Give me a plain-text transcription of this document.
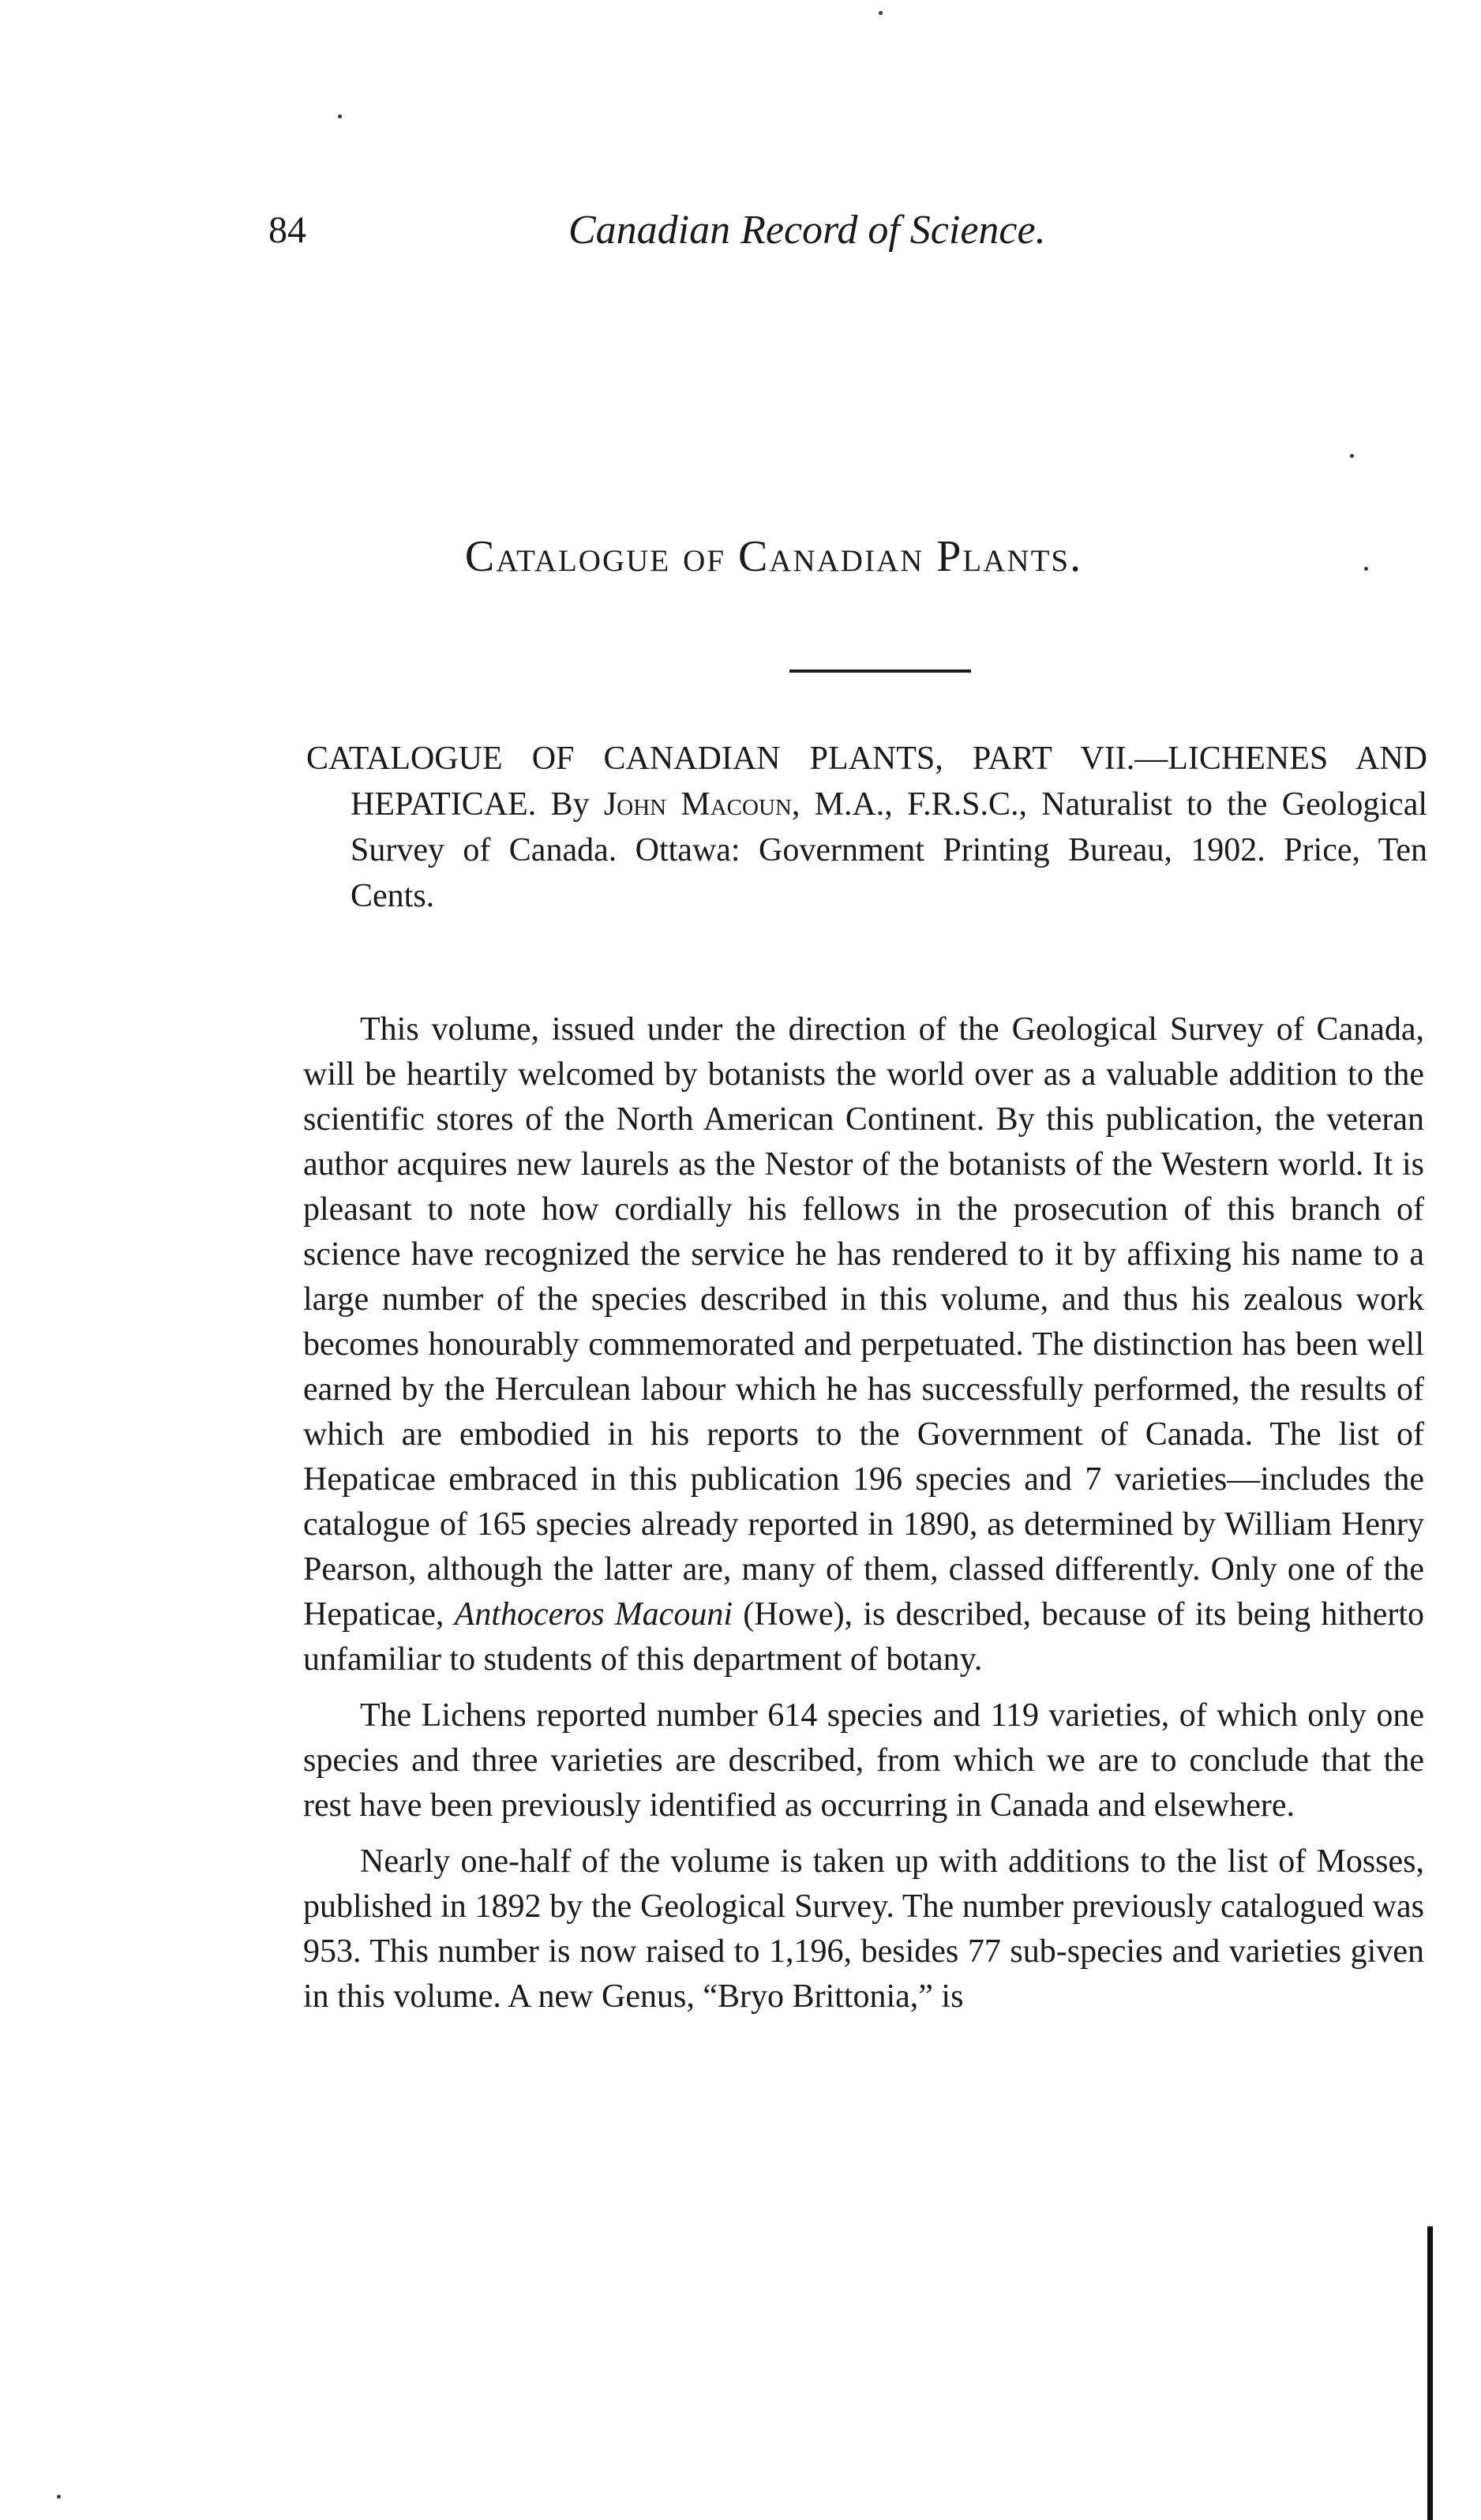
84	Canadian Record of Science.
Catalogue of Canadian Plants.
CATALOGUE OF CANADIAN PLANTS, PART VII.—LICHENES AND HEPATICAE. By John Macoun, M.A., F.R.S.C., Naturalist to the Geological Survey of Canada. Ottawa: Government Printing Bureau, 1902. Price, Ten Cents.

This volume, issued under the direction of the Geological Survey of Canada, will be heartily welcomed by botanists the world over as a valuable addition to the scientific stores of the North American Continent. By this publication, the veteran author acquires new laurels as the Nestor of the botanists of the Western world. It is pleasant to note how cordially his fellows in the prosecution of this branch of science have recognized the service he has rendered to it by affixing his name to a large number of the species described in this volume, and thus his zealous work becomes honourably commemorated and perpetuated. The distinction has been well earned by the Herculean labour which he has successfully performed, the results of which are embodied in his reports to the Government of Canada. The list of Hepaticae embraced in this publication 196 species and 7 varieties—includes the catalogue of 165 species already reported in 1890, as determined by William Henry Pearson, although the latter are, many of them, classed differently. Only one of the Hepaticae, Anthoceros Macouni (Howe), is described, because of its being hitherto unfamiliar to students of this department of botany.

The Lichens reported number 614 species and 119 varieties, of which only one species and three varieties are described, from which we are to conclude that the rest have been previously identified as occurring in Canada and elsewhere.

Nearly one-half of the volume is taken up with additions to the list of Mosses, published in 1892 by the Geological Survey. The number previously catalogued was 953. This number is now raised to 1,196, besides 77 sub-species and varieties given in this volume. A new Genus, “Bryo Brittonia,” is
